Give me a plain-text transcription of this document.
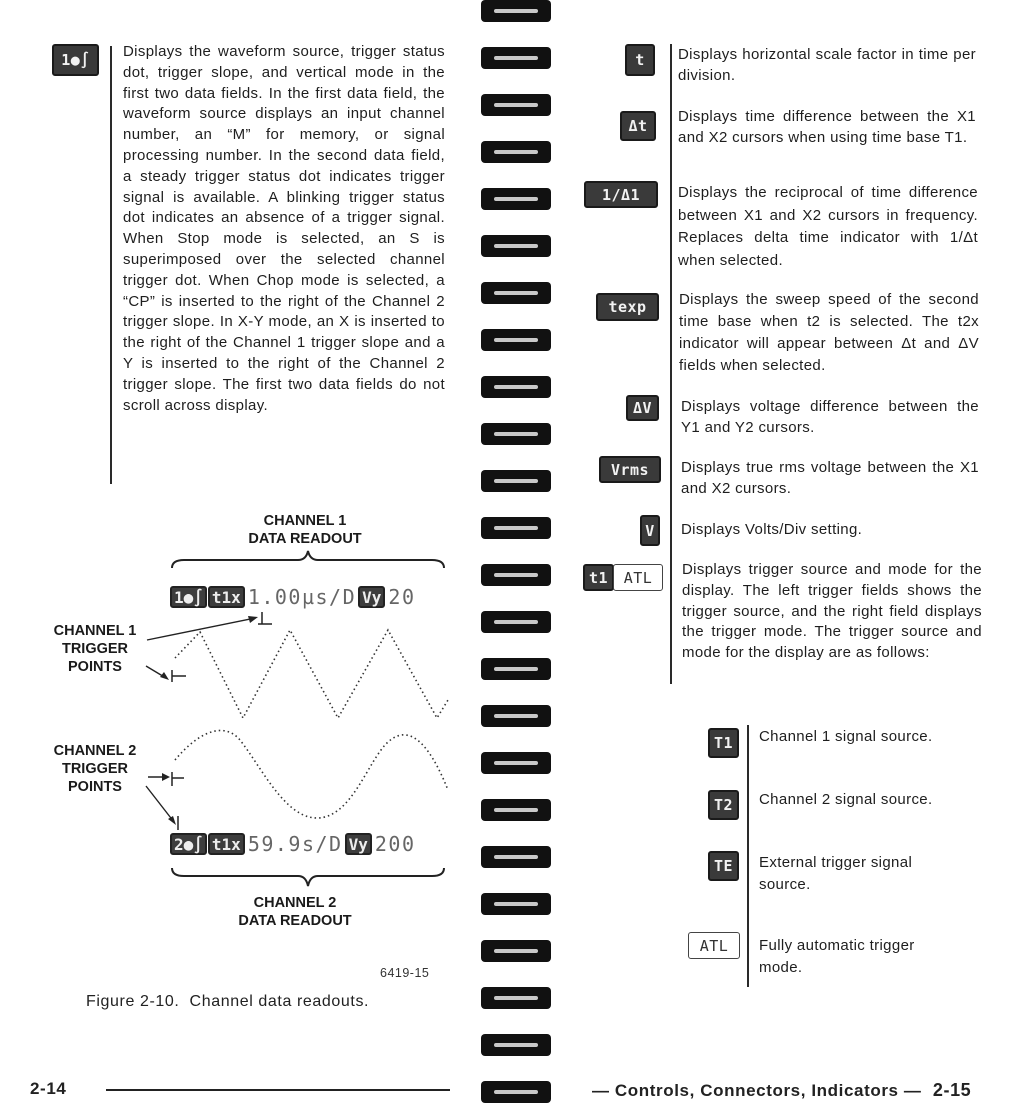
1●∫	Displays the waveform source, trigger status dot, trigger slope, and vertical mode in the first two data fields. In the first data field, the waveform source displays an input channel number, an “M” for memory, or signal processing number. In the second data field, a steady trigger status dot indicates trigger signal is available. A blinking trigger status dot indicates an absence of a trigger signal. When Stop mode is selected, an S is superimposed over the selected channel trigger dot. When Chop mode is selected, a “CP” is inserted to the right of the Channel 2 trigger slope. In X-Y mode, an X is inserted to the right of the Channel 1 trigger slope and a Y is inserted to the right of the Channel 2 trigger slope. The first two data fields do not scroll across display.
CHANNEL 1
DATA READOUT
1●∫ t1x 1.00µs/D Vy 20
CHANNEL 1
TRIGGER
POINTS
CHANNEL 2
TRIGGER
POINTS
2●∫ t1x 59.9s/D Vy 200
CHANNEL 2
DATA READOUT
6419-15
Figure 2-10.  Channel data readouts.
2-14
t
Δt
1/Δ1
texp
ΔV
Vrms
V
t1	ATL
Displays horizontal scale factor in time per division.
Displays time difference between the X1 and X2 cursors when using time base T1.
Displays the reciprocal of time difference between X1 and X2 cursors in frequency. Replaces delta time indicator with 1/Δt when selected.
Displays the sweep speed of the second time base when t2 is selected. The t2x indicator will appear between Δt and ΔV fields when selected.
Displays voltage difference between the Y1 and Y2 cursors.
Displays true rms voltage between the X1 and X2 cursors.
Displays Volts/Div setting.
Displays trigger source and mode for the display. The left trigger fields shows the trigger source, and the right field displays the trigger mode. The trigger source and mode for the display are as follows:
T1
T2
TE
ATL
Channel 1 signal source.
Channel 2 signal source.
External trigger signal source.
Fully automatic trigger mode.
— Controls, Connectors, Indicators — 2-15
